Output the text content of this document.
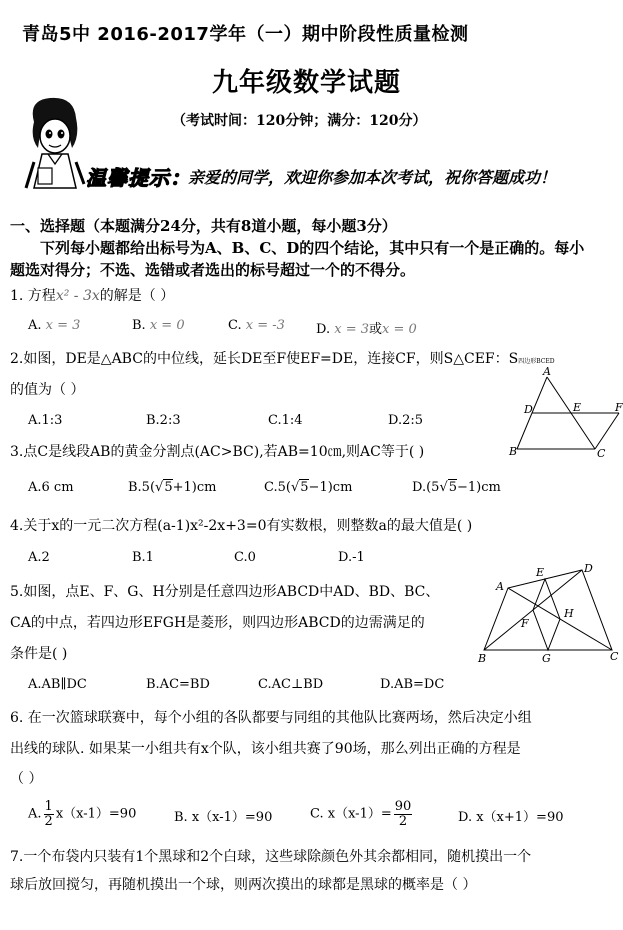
青岛5中 2016-2017学年（一）期中阶段性质量检测
九年级数学试题
（考试时间：120分钟；满分：120分）
温馨提示：
亲爱的同学，欢迎你参加本次考试，祝你答题成功！
一、选择题（本题满分24分，共有8道小题，每小题3分）
下列每小题都给出标号为A、B、C、D的四个结论，其中只有一个是正确的。每小
题选对得分；不选、选错或者选出的标号超过一个的不得分。
1. 方程x² - 3x的解是（ ）
A. x = 3	B. x = 0	C. x = -3 D. x = 3或x = 0
2.如图，DE是△ABC的中位线，延长DE至F使EF=DE，连接CF，则S△CEF：S四边形BCED
的值为（ ）
A.1:3	B.2:3	C.1:4	D.2:5
A
B	C
D	E	F
3.点C是线段AB的黄金分割点(AC>BC),若AB=10㎝,则AC等于( )
A.6 cm	B.5(√5+1)cm	C.5(√5−1)cm	D.(5√5−1)cm
4.关于x的一元二次方程(a-1)x²-2x+3=0有实数根，则整数a的最大值是( )
A.2	B.1	C.0	D.-1
5.如图，点E、F、G、H分别是任意四边形ABCD中AD、BD、BC、
CA的中点，若四边形EFGH是菱形，则四边形ABCD的边需满足的
条件是( )
A.AB∥DC	B.AC=BD	C.AC⊥BD	D.AB=DC
A
B	C
D
E
F
G
H
6. 在一次篮球联赛中，每个小组的各队都要与同组的其他队比赛两场，然后决定小组
出线的球队. 如果某一小组共有x个队，该小组共赛了90场，那么列出正确的方程是
（ ）
A. $\frac{1}{2} x(x-1)=90$	B. x（x-1）=90	C. $x(x-1)= \frac{90}{2}$	D. x（x+1）=90
7.一个布袋内只装有1个黑球和2个白球，这些球除颜色外其余都相同，随机摸出一个
球后放回搅匀，再随机摸出一个球，则两次摸出的球都是黑球的概率是（ ）
